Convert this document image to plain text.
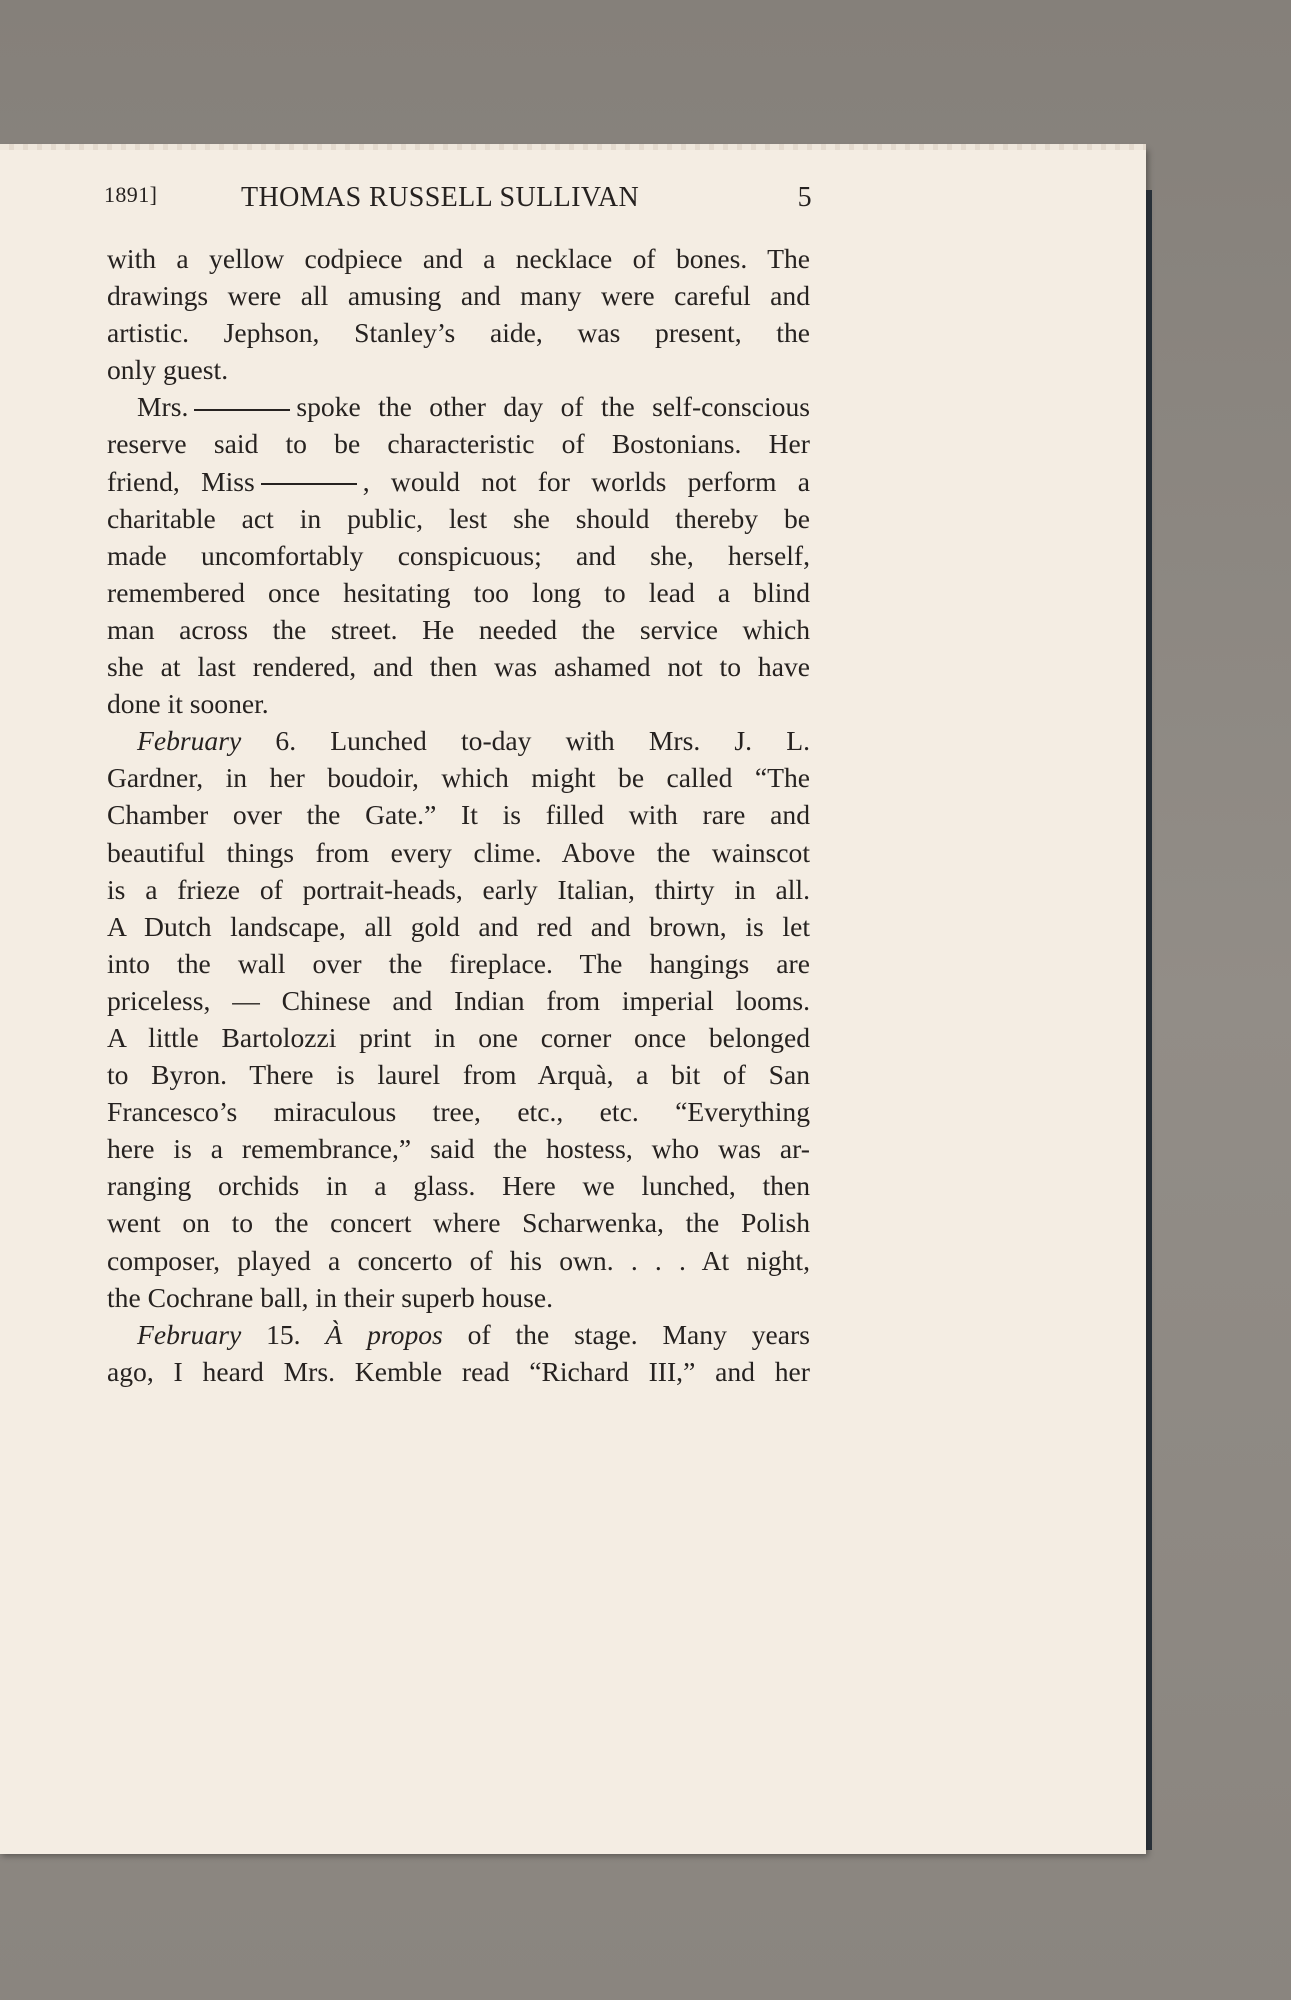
1891]	THOMAS RUSSELL SULLIVAN	5

with a yellow codpiece and a necklace of bones. The

drawings were all amusing and many were careful and

artistic. Jephson, Stanley’s aide, was present, the

only guest.

Mrs.	spoke the other day of the self-conscious

reserve said to be characteristic of Bostonians. Her

friend, Miss	, would not for worlds perform a

charitable act in public, lest she should thereby be

made uncomfortably conspicuous; and she, herself,

remembered once hesitating too long to lead a blind

man across the street. He needed the service which

she at last rendered, and then was ashamed not to have

done it sooner.

February 6. Lunched to-day with Mrs. J. L.

Gardner, in her boudoir, which might be called “The

Chamber over the Gate.” It is filled with rare and

beautiful things from every clime. Above the wainscot

is a frieze of portrait-heads, early Italian, thirty in all.

A Dutch landscape, all gold and red and brown, is let

into the wall over the fireplace. The hangings are

priceless, — Chinese and Indian from imperial looms.

A little Bartolozzi print in one corner once belonged

to Byron. There is laurel from Arquà, a bit of San

Francesco’s miraculous tree, etc., etc. “Everything

here is a remembrance,” said the hostess, who was ar-

ranging orchids in a glass. Here we lunched, then

went on to the concert where Scharwenka, the Polish

composer, played a concerto of his own. . . . At night,

the Cochrane ball, in their superb house.

February 15. À propos of the stage. Many years

ago, I heard Mrs. Kemble read “Richard III,” and her
